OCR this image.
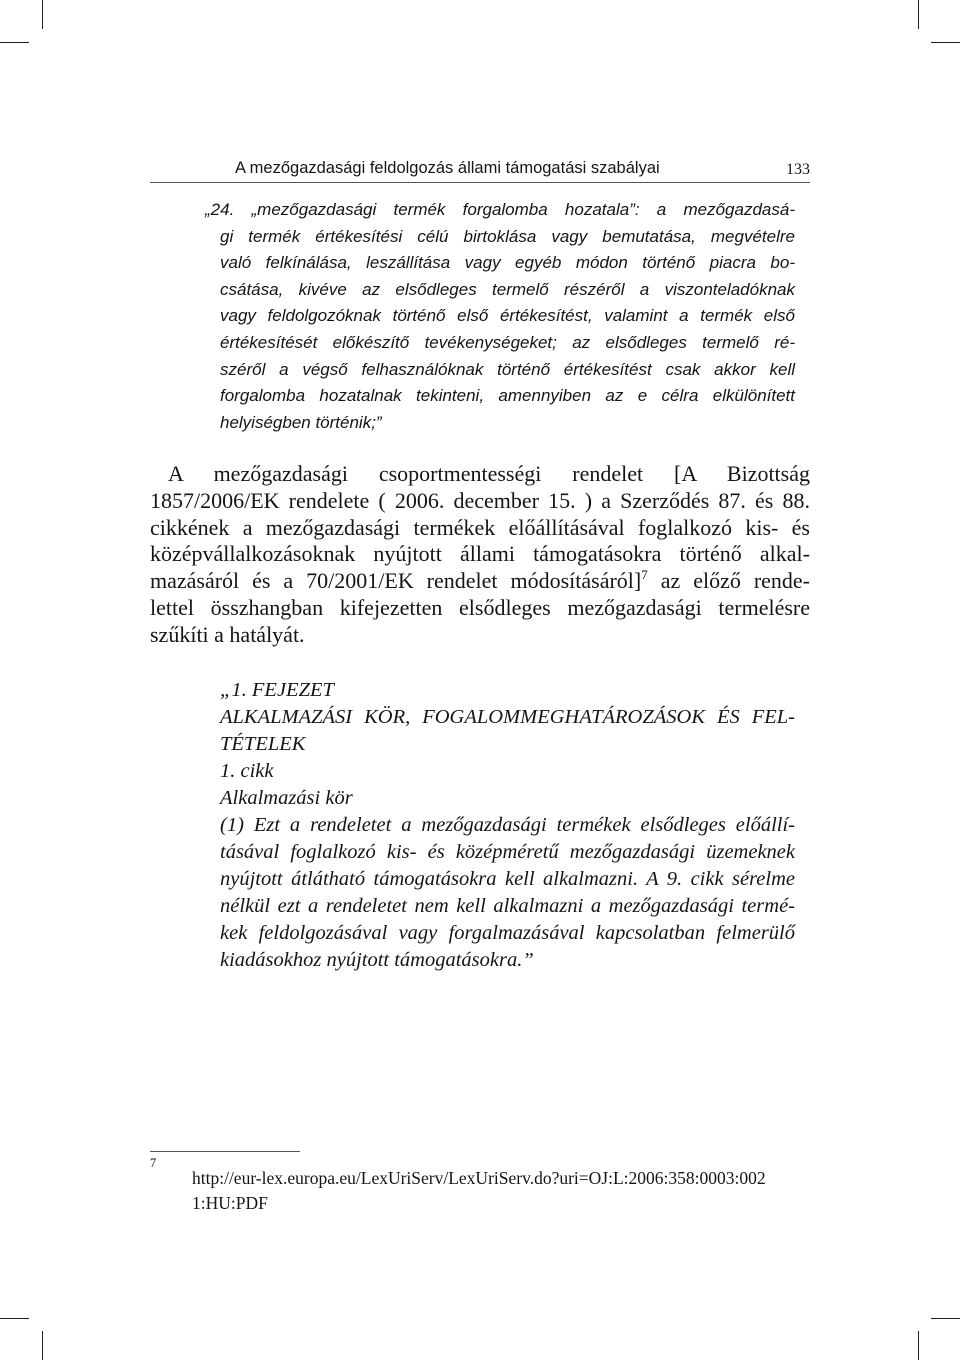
A mezőgazdasági feldolgozás állami támogatási szabályai	133
„24. „mezőgazdasági termék forgalomba hozatala”: a mezőgazdasá-
gi termék értékesítési célú birtoklása vagy bemutatása, megvételre
való felkínálása, leszállítása vagy egyéb módon történő piacra bo-
csátása, kivéve az elsődleges termelő részéről a viszonteladóknak
vagy feldolgozóknak történő első értékesítést, valamint a termék első
értékesítését előkészítő tevékenységeket; az elsődleges termelő ré-
széről a végső felhasználóknak történő értékesítést csak akkor kell
forgalomba hozatalnak tekinteni, amennyiben az e célra elkülönített
helyiségben történik;”
A mezőgazdasági csoportmentességi rendelet [A Bizottság
1857/2006/EK rendelete ( 2006. december 15. ) a Szerződés 87. és 88.
cikkének a mezőgazdasági termékek előállításával foglalkozó kis- és
középvállalkozásoknak nyújtott állami támogatásokra történő alkal-
mazásáról és a 70/2001/EK rendelet módosításáról]$^7$ az előző rende-
lettel összhangban kifejezetten elsődleges mezőgazdasági termelésre
szűkíti a hatályát.
„1. FEJEZET
ALKALMAZÁSI KÖR, FOGALOMMEGHATÁROZÁSOK ÉS FEL-
TÉTELEK
1. cikk
Alkalmazási kör
(1) Ezt a rendeletet a mezőgazdasági termékek elsődleges előállí-
tásával foglalkozó kis- és középméretű mezőgazdasági üzemeknek
nyújtott átlátható támogatásokra kell alkalmazni. A 9. cikk sérelme
nélkül ezt a rendeletet nem kell alkalmazni a mezőgazdasági termé-
kek feldolgozásával vagy forgalmazásával kapcsolatban felmerülő
kiadásokhoz nyújtott támogatásokra.”
7
http://eur-lex.europa.eu/LexUriServ/LexUriServ.do?uri=OJ:L:2006:358:0003:002
1:HU:PDF
